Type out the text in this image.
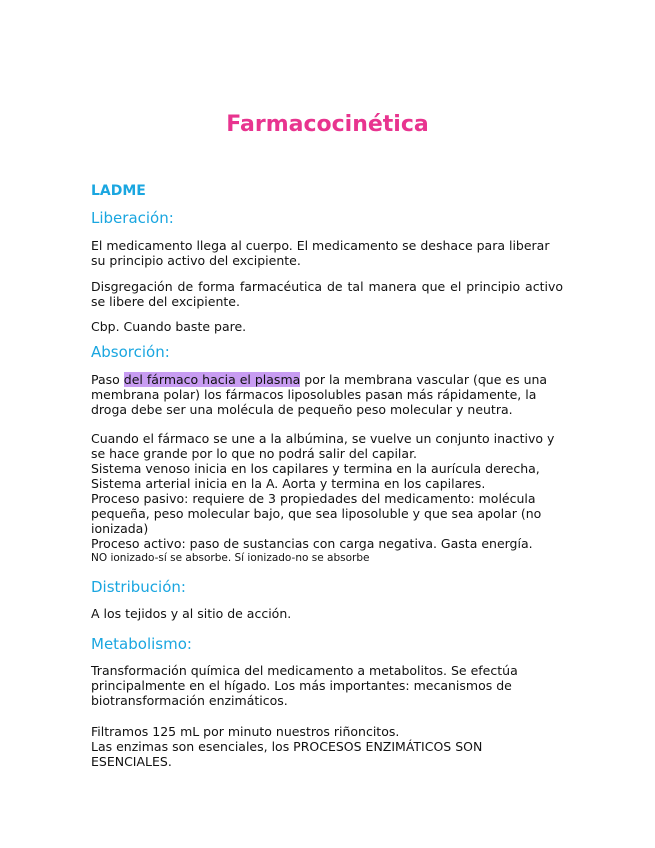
Farmacocinética
LADME
Liberación:

El medicamento llega al cuerpo. El medicamento se deshace para liberar su principio activo del excipiente.

Disgregación de forma farmacéutica de tal manera que el principio activo se libere del excipiente.

Cbp. Cuando baste pare.

Absorción:

Paso del fármaco hacia el plasma por la membrana vascular (que es una membrana polar) los fármacos liposolubles pasan más rápidamente, la droga debe ser una molécula de pequeño peso molecular y neutra.

Cuando el fármaco se une a la albúmina, se vuelve un conjunto inactivo y se hace grande por lo que no podrá salir del capilar.

Sistema venoso inicia en los capilares y termina en la aurícula derecha,

Sistema arterial inicia en la A. Aorta y termina en los capilares.

Proceso pasivo: requiere de 3 propiedades del medicamento: molécula pequeña, peso molecular bajo, que sea liposoluble y que sea apolar (no ionizada)

Proceso activo: paso de sustancias con carga negativa. Gasta energía.

NO ionizado-sí se absorbe. Sí ionizado-no se absorbe

Distribución:

A los tejidos y al sitio de acción.

Metabolismo:

Transformación química del medicamento a metabolitos. Se efectúa principalmente en el hígado. Los más importantes: mecanismos de biotransformación enzimáticos.

Filtramos 125 mL por minuto nuestros riñoncitos.

Las enzimas son esenciales, los PROCESOS ENZIMÁTICOS SON ESENCIALES.
